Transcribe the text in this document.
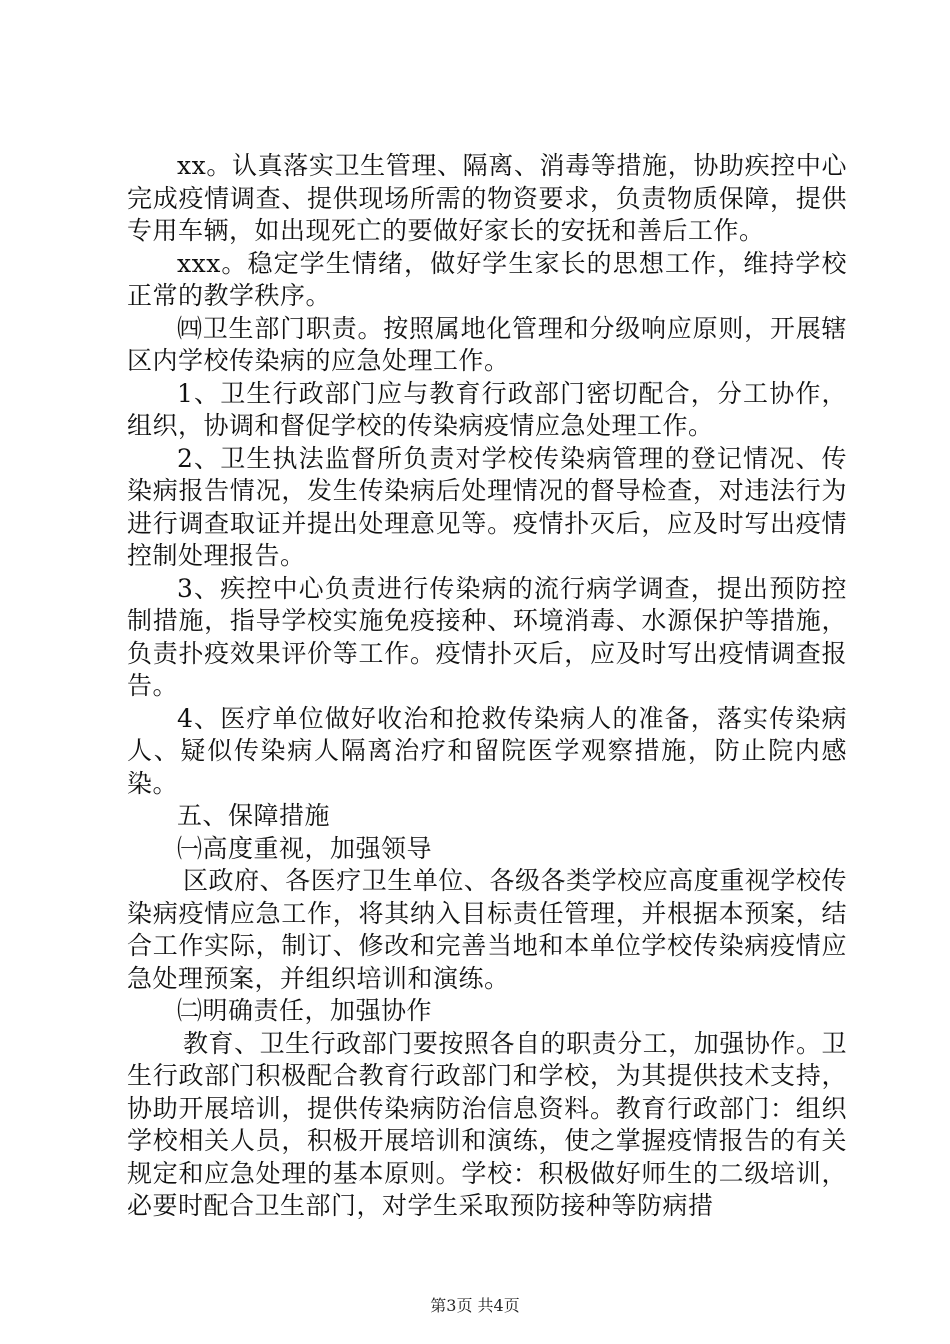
xx。认真落实卫生管理、隔离、消毒等措施，协助疾控中心完成疫情调查、提供现场所需的物资要求，负责物质保障，提供专用车辆，如出现死亡的要做好家长的安抚和善后工作。

xxx。稳定学生情绪，做好学生家长的思想工作，维持学校正常的教学秩序。

㈣卫生部门职责。按照属地化管理和分级响应原则，开展辖区内学校传染病的应急处理工作。

1、卫生行政部门应与教育行政部门密切配合，分工协作，组织，协调和督促学校的传染病疫情应急处理工作。

2、卫生执法监督所负责对学校传染病管理的登记情况、传染病报告情况，发生传染病后处理情况的督导检查，对违法行为进行调查取证并提出处理意见等。疫情扑灭后，应及时写出疫情控制处理报告。

3、疾控中心负责进行传染病的流行病学调查，提出预防控制措施，指导学校实施免疫接种、环境消毒、水源保护等措施，负责扑疫效果评价等工作。疫情扑灭后，应及时写出疫情调查报告。

4、医疗单位做好收治和抢救传染病人的准备，落实传染病人、疑似传染病人隔离治疗和留院医学观察措施，防止院内感染。

五、保障措施

㈠高度重视，加强领导

区政府、各医疗卫生单位、各级各类学校应高度重视学校传染病疫情应急工作，将其纳入目标责任管理，并根据本预案，结合工作实际，制订、修改和完善当地和本单位学校传染病疫情应急处理预案，并组织培训和演练。

㈡明确责任，加强协作

教育、卫生行政部门要按照各自的职责分工，加强协作。卫生行政部门积极配合教育行政部门和学校，为其提供技术支持，协助开展培训，提供传染病防治信息资料。教育行政部门：组织学校相关人员，积极开展培训和演练，使之掌握疫情报告的有关规定和应急处理的基本原则。学校：积极做好师生的二级培训，必要时配合卫生部门，对学生采取预防接种等防病措

第3页 共4页
